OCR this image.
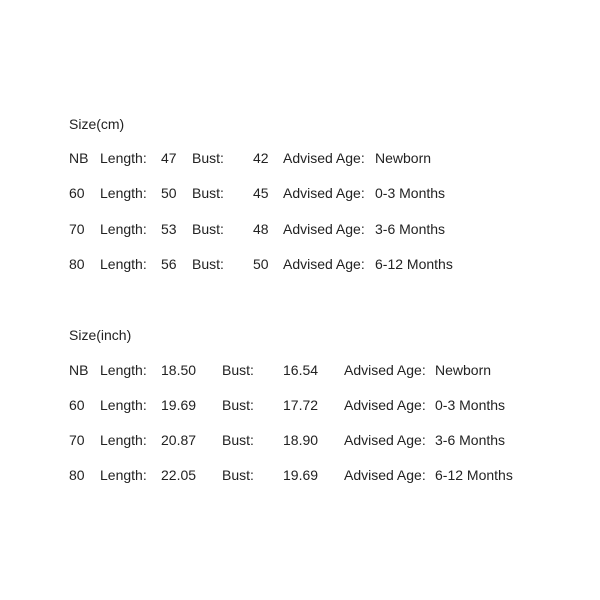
Size(cm)
NB Length: 47 Bust: 42 Advised Age: Newborn
60 Length: 50 Bust: 45 Advised Age: 0-3 Months
70 Length: 53 Bust: 48 Advised Age: 3-6 Months
80 Length: 56 Bust: 50 Advised Age: 6-12 Months
Size(inch)
NB Length: 18.50 Bust: 16.54 Advised Age: Newborn
60 Length: 19.69 Bust: 17.72 Advised Age: 0-3 Months
70 Length: 20.87 Bust: 18.90 Advised Age: 3-6 Months
80 Length: 22.05 Bust: 19.69 Advised Age: 6-12 Months
